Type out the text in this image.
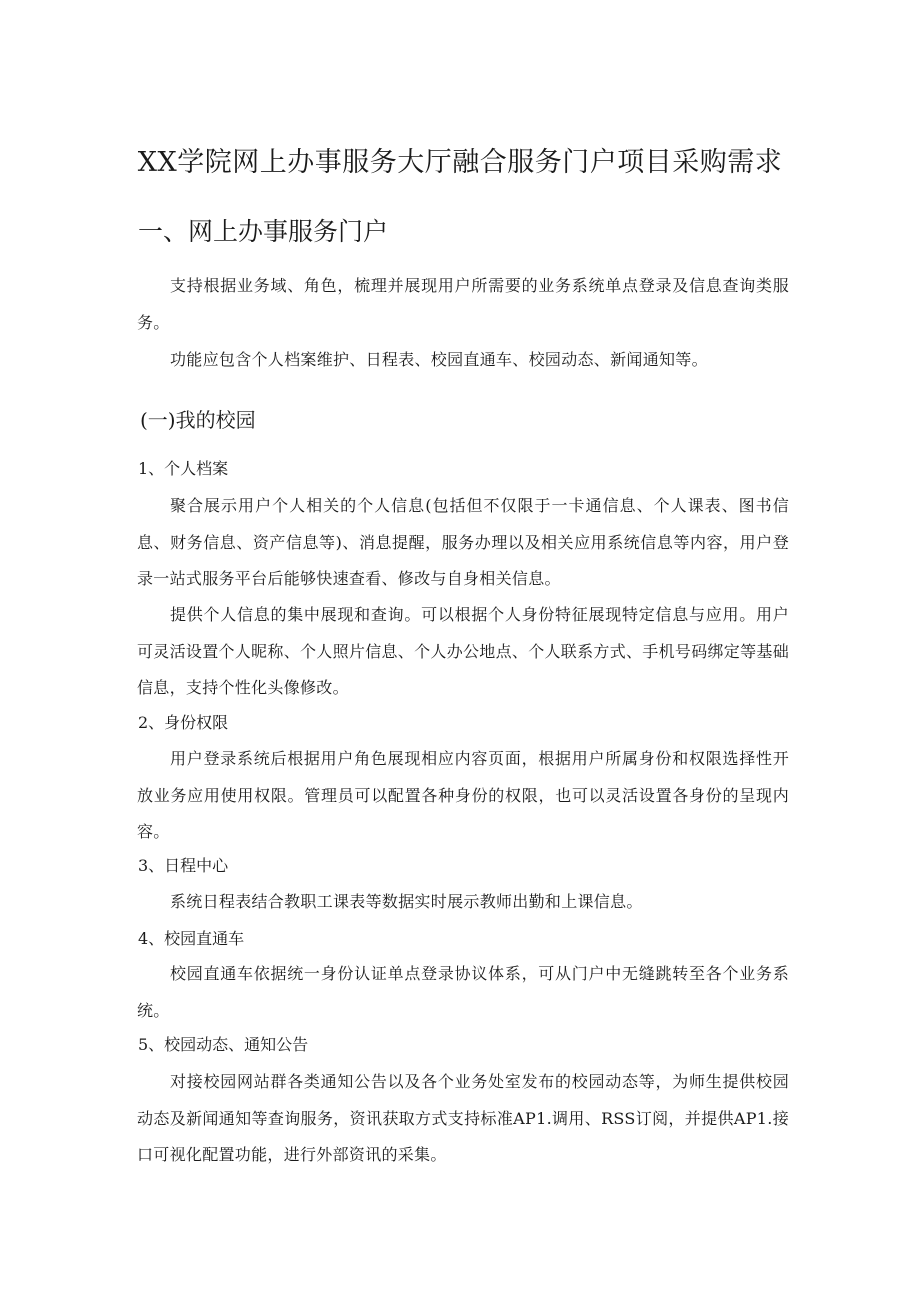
XX学院网上办事服务大厅融合服务门户项目采购需求
一、网上办事服务门户

支持根据业务域、角色，梳理并展现用户所需要的业务系统单点登录及信息查询类服务。

功能应包含个人档案维护、日程表、校园直通车、校园动态、新闻通知等。

(一)我的校园
1、个人档案

聚合展示用户个人相关的个人信息(包括但不仅限于一卡通信息、个人课表、图书信息、财务信息、资产信息等)、消息提醒，服务办理以及相关应用系统信息等内容，用户登录一站式服务平台后能够快速查看、修改与自身相关信息。

提供个人信息的集中展现和查询。可以根据个人身份特征展现特定信息与应用。用户可灵活设置个人昵称、个人照片信息、个人办公地点、个人联系方式、手机号码绑定等基础信息，支持个性化头像修改。

2、身份权限

用户登录系统后根据用户角色展现相应内容页面，根据用户所属身份和权限选择性开放业务应用使用权限。管理员可以配置各种身份的权限，也可以灵活设置各身份的呈现内容。

3、日程中心

系统日程表结合教职工课表等数据实时展示教师出勤和上课信息。

4、校园直通车

校园直通车依据统一身份认证单点登录协议体系，可从门户中无缝跳转至各个业务系统。

5、校园动态、通知公告

对接校园网站群各类通知公告以及各个业务处室发布的校园动态等，为师生提供校园动态及新闻通知等查询服务，资讯获取方式支持标准AP1.调用、RSS订阅，并提供AP1.接口可视化配置功能，进行外部资讯的采集。
